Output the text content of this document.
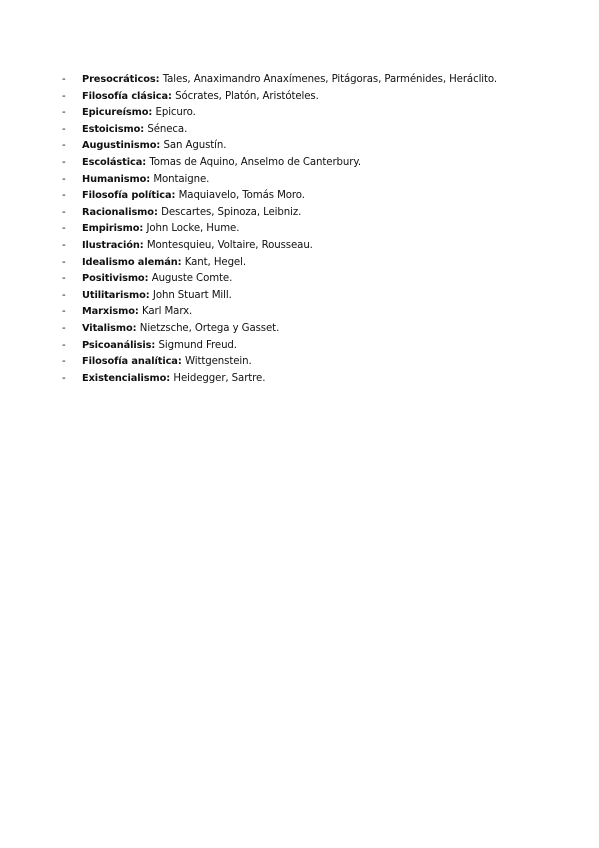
- Presocráticos: Tales, Anaximandro Anaxímenes, Pitágoras, Parménides, Heráclito.
- Filosofía clásica: Sócrates, Platón, Aristóteles.
- Epicureísmo: Epicuro.
- Estoicismo: Séneca.
- Augustinismo: San Agustín.
- Escolástica: Tomas de Aquino, Anselmo de Canterbury.
- Humanismo: Montaigne.
- Filosofía política: Maquiavelo, Tomás Moro.
- Racionalismo: Descartes, Spinoza, Leibniz.
- Empirismo: John Locke, Hume.
- Ilustración: Montesquieu, Voltaire, Rousseau.
- Idealismo alemán: Kant, Hegel.
- Positivismo: Auguste Comte.
- Utilitarismo: John Stuart Mill.
- Marxismo: Karl Marx.
- Vitalismo: Nietzsche, Ortega y Gasset.
- Psicoanálisis: Sigmund Freud.
- Filosofía analítica: Wittgenstein.
- Existencialismo: Heidegger, Sartre.
